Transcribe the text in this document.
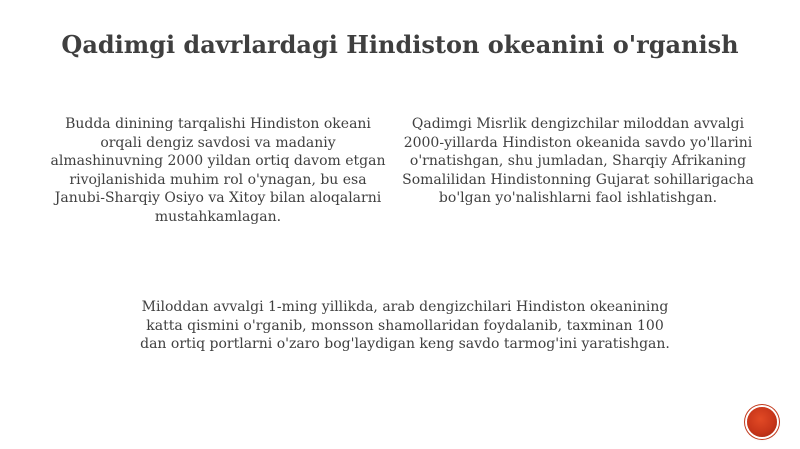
Qadimgi davrlardagi Hindiston okeanini o'rganish
Budda dinining tarqalishi Hindiston okeani orqali dengiz savdosi va madaniy almashinuvning 2000 yildan ortiq davom etgan rivojlanishida muhim rol o'ynagan, bu esa Janubi-Sharqiy Osiyo va Xitoy bilan aloqalarni mustahkamlagan.
Qadimgi Misrlik dengizchilar miloddan avvalgi 2000-yillarda Hindiston okeanida savdo yo'llarini o'rnatishgan, shu jumladan, Sharqiy Afrikaning Somalilidan Hindistonning Gujarat sohillarigacha bo'lgan yo'nalishlarni faol ishlatishgan.
Miloddan avvalgi 1-ming yillikda, arab dengizchilari Hindiston okeanining katta qismini o'rganib, monsson shamollaridan foydalanib, taxminan 100 dan ortiq portlarni o'zaro bog'laydigan keng savdo tarmog'ini yaratishgan.
